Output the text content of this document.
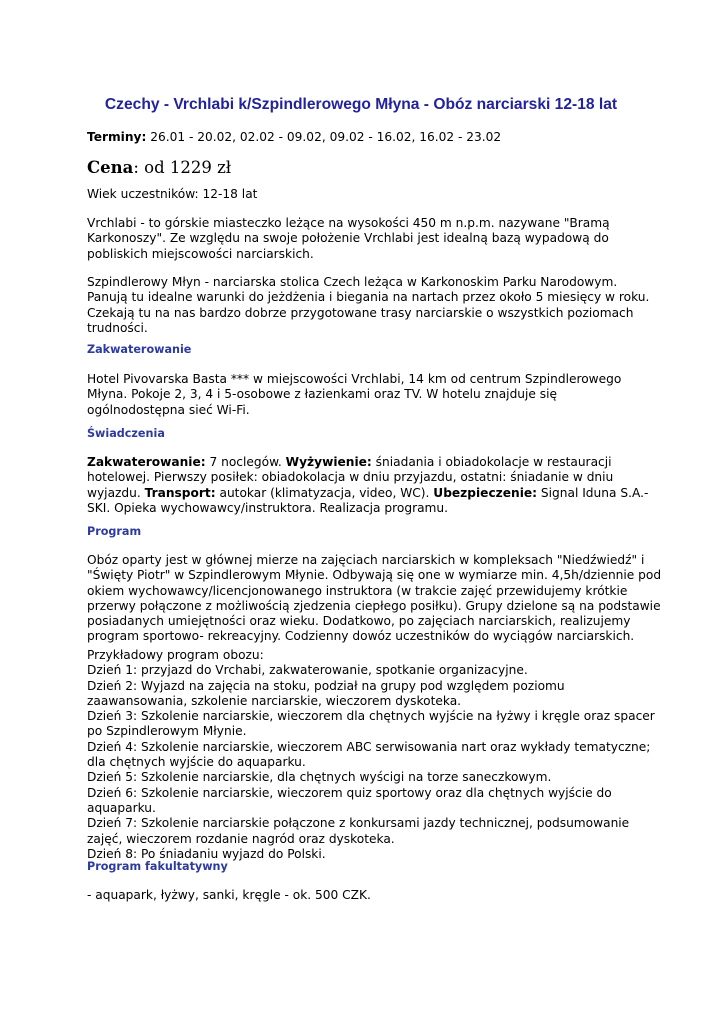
Czechy - Vrchlabi k/Szpindlerowego Młyna - Obóz narciarski 12-18 lat
Terminy: 26.01 - 20.02, 02.02 - 09.02, 09.02 - 16.02, 16.02 - 23.02
Cena: od 1229 zł
Wiek uczestników: 12-18 lat
Vrchlabi - to górskie miasteczko leżące na wysokości 450 m n.p.m. nazywane "Bramą
Karkonoszy". Ze względu na swoje położenie Vrchlabi jest idealną bazą wypadową do
pobliskich miejscowości narciarskich.
Szpindlerowy Młyn - narciarska stolica Czech leżąca w Karkonoskim Parku Narodowym.
Panują tu idealne warunki do jeżdżenia i biegania na nartach przez około 5 miesięcy w roku.
Czekają tu na nas bardzo dobrze przygotowane trasy narciarskie o wszystkich poziomach
trudności.
Zakwaterowanie
Hotel Pivovarska Basta *** w miejscowości Vrchlabi, 14 km od centrum Szpindlerowego
Młyna. Pokoje 2, 3, 4 i 5-osobowe z łazienkami oraz TV. W hotelu znajduje się
ogólnodostępna sieć Wi-Fi.
Świadczenia
Zakwaterowanie: 7 noclegów. Wyżywienie: śniadania i obiadokolacje w restauracji
hotelowej. Pierwszy posiłek: obiadokolacja w dniu przyjazdu, ostatni: śniadanie w dniu
wyjazdu. Transport: autokar (klimatyzacja, video, WC). Ubezpieczenie: Signal Iduna S.A.-
SKI. Opieka wychowawcy/instruktora. Realizacja programu.
Program
Obóz oparty jest w głównej mierze na zajęciach narciarskich w kompleksach "Niedźwiedź" i
"Święty Piotr" w Szpindlerowym Młynie. Odbywają się one w wymiarze min. 4,5h/dziennie pod
okiem wychowawcy/licencjonowanego instruktora (w trakcie zajęć przewidujemy krótkie
przerwy połączone z możliwością zjedzenia ciepłego posiłku). Grupy dzielone są na podstawie
posiadanych umiejętności oraz wieku. Dodatkowo, po zajęciach narciarskich, realizujemy
program sportowo- rekreacyjny. Codzienny dowóz uczestników do wyciągów narciarskich.
Przykładowy program obozu:
Dzień 1: przyjazd do Vrchabi, zakwaterowanie, spotkanie organizacyjne.
Dzień 2: Wyjazd na zajęcia na stoku, podział na grupy pod względem poziomu
zaawansowania, szkolenie narciarskie, wieczorem dyskoteka.
Dzień 3: Szkolenie narciarskie, wieczorem dla chętnych wyjście na łyżwy i kręgle oraz spacer
po Szpindlerowym Młynie.
Dzień 4: Szkolenie narciarskie, wieczorem ABC serwisowania nart oraz wykłady tematyczne;
dla chętnych wyjście do aquaparku.
Dzień 5: Szkolenie narciarskie, dla chętnych wyścigi na torze saneczkowym.
Dzień 6: Szkolenie narciarskie, wieczorem quiz sportowy oraz dla chętnych wyjście do
aquaparku.
Dzień 7: Szkolenie narciarskie połączone z konkursami jazdy technicznej, podsumowanie
zajęć, wieczorem rozdanie nagród oraz dyskoteka.
Dzień 8: Po śniadaniu wyjazd do Polski.
Program fakultatywny
- aquapark, łyżwy, sanki, kręgle - ok. 500 CZK.
